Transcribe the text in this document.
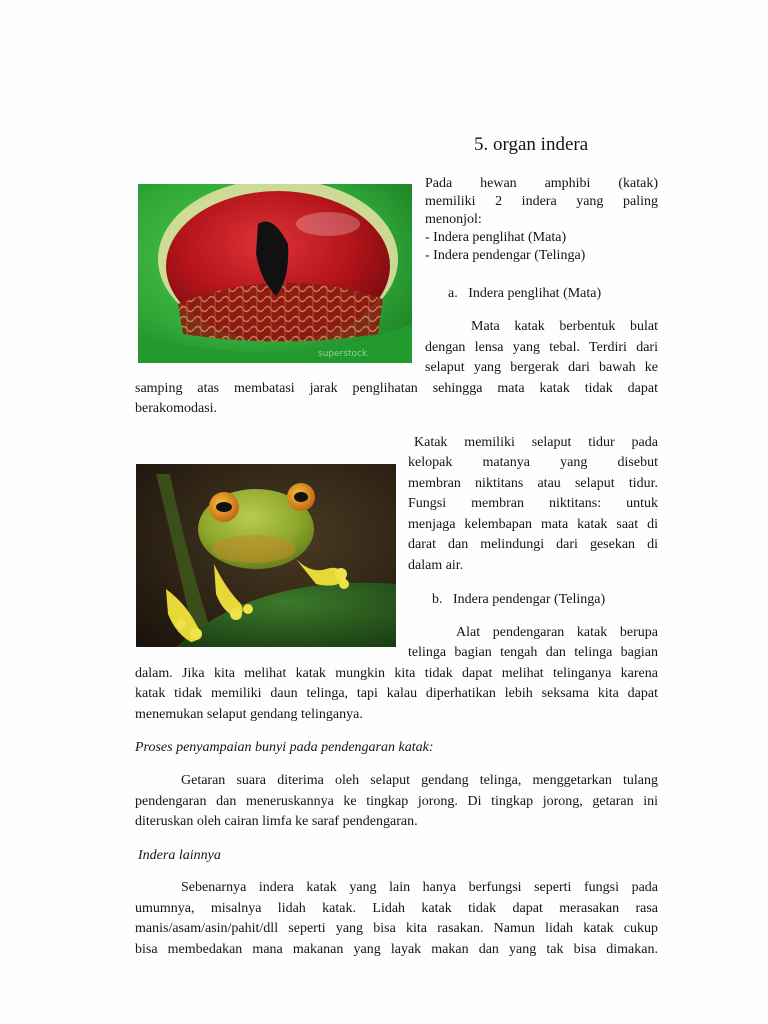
5. organ indera
superstock
Pada hewan amphibi (katak)
memiliki 2 indera yang paling
menonjol:
- Indera penglihat (Mata)
- Indera pendengar (Telinga)
a.   Indera penglihat (Mata)
Mata katak berbentuk bulat
dengan lensa yang tebal. Terdiri dari
selaput yang bergerak dari bawah ke
samping atas membatasi jarak penglihatan sehingga mata katak tidak dapat
berakomodasi.
Katak memiliki selaput tidur pada
kelopak matanya yang disebut
membran niktitans atau selaput tidur.
Fungsi membran niktitans: untuk
menjaga kelembapan mata katak saat di
darat dan melindungi dari gesekan di
dalam air.
b.   Indera pendengar (Telinga)
Alat pendengaran katak berupa
telinga bagian tengah dan telinga bagian
dalam. Jika kita melihat katak mungkin kita tidak dapat melihat telinganya karena
katak tidak memiliki daun telinga, tapi kalau diperhatikan lebih seksama kita dapat
menemukan selaput gendang telinganya.
Proses penyampaian bunyi pada pendengaran katak:
Getaran suara diterima oleh selaput gendang telinga, menggetarkan tulang
pendengaran dan meneruskannya ke tingkap jorong. Di tingkap jorong, getaran ini
diteruskan oleh cairan limfa ke saraf pendengaran.
Indera lainnya
Sebenarnya indera katak yang lain hanya berfungsi seperti fungsi pada
umumnya, misalnya lidah katak. Lidah katak tidak dapat merasakan rasa
manis/asam/asin/pahit/dll seperti yang bisa kita rasakan. Namun lidah katak cukup
bisa membedakan mana makanan yang layak makan dan yang tak bisa dimakan.
